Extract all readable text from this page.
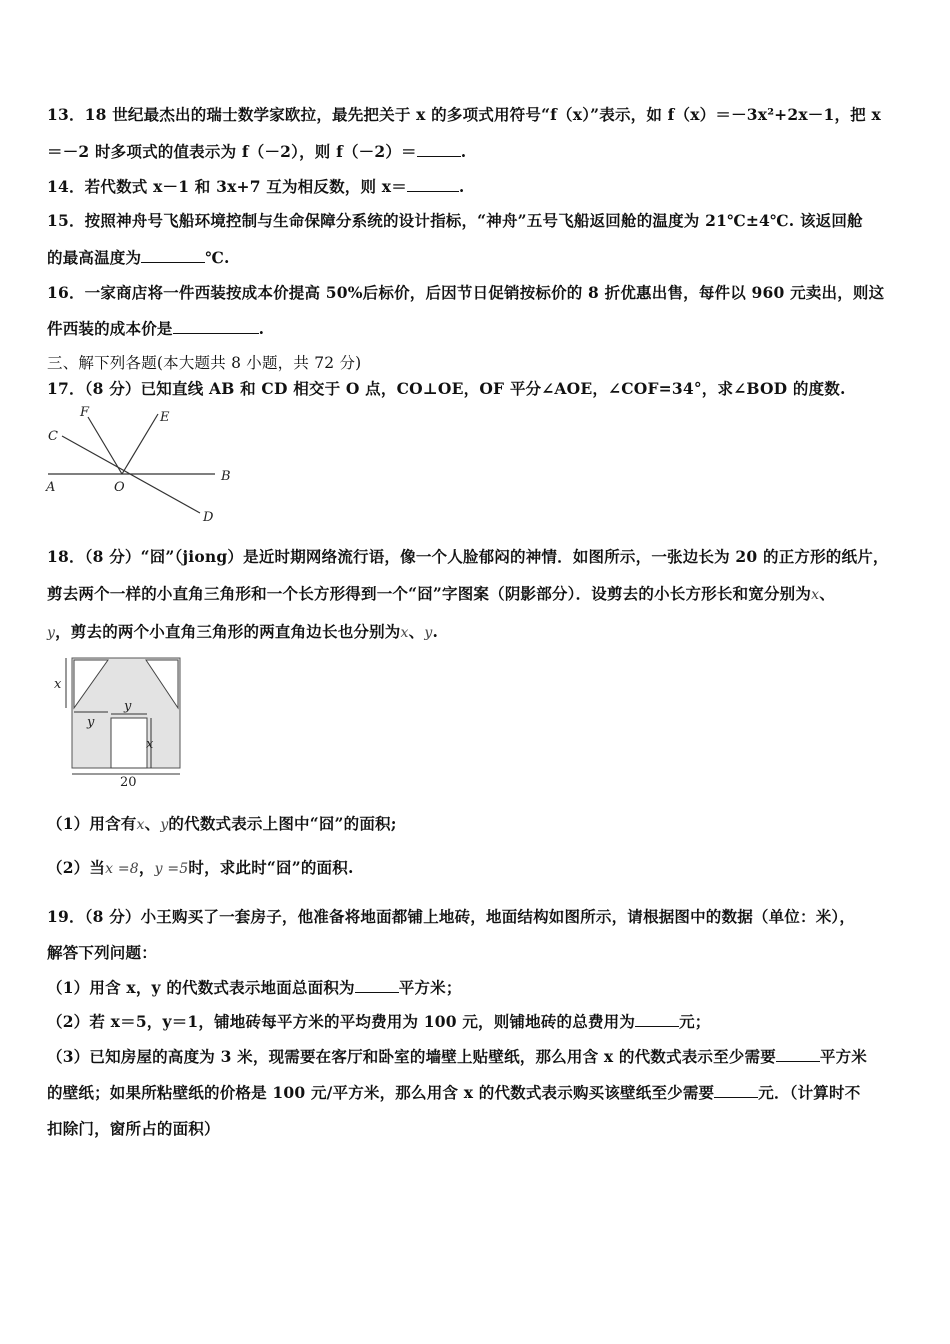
13．18 世纪最杰出的瑞士数学家欧拉，最先把关于 x 的多项式用符号“f（x）”表示，如 f（x）＝－3x²+2x－1，把 x
＝－2 时多项式的值表示为 f（－2），则 f（－2）＝	.
14．若代数式 x－1 和 3x+7 互为相反数，则 x＝	.
15．按照神舟号飞船环境控制与生命保障分系统的设计指标，“神舟”五号飞船返回舱的温度为 21℃±4℃. 该返回舱
的最高温度为	℃.
16．一家商店将一件西装按成本价提高 50%后标价，后因节日促销按标价的 8 折优惠出售，每件以 960 元卖出，则这
件西装的成本价是	.
三、解下列各题(本大题共 8 小题，共 72 分)
17．（8 分）已知直线 AB 和 CD 相交于 O 点，CO⊥OE，OF 平分∠AOE，∠COF=34°，求∠BOD 的度数.
F	E
C
B
A	O
D
18．（8 分）“囧”（jiong）是近时期网络流行语，像一个人脸郁闷的神情．如图所示，一张边长为 20 的正方形的纸片，
剪去两个一样的小直角三角形和一个长方形得到一个“囧”字图案（阴影部分）．设剪去的小长方形长和宽分别为x、
y，剪去的两个小直角三角形的两直角边长也分别为x、y.
x
y
y
x
20
（1）用含有x、y的代数式表示上图中“囧”的面积;
（2）当x =8，y =5时，求此时“囧”的面积.
19．（8 分）小王购买了一套房子，他准备将地面都铺上地砖，地面结构如图所示，请根据图中的数据（单位：米），
解答下列问题：
（1）用含 x，y 的代数式表示地面总面积为	平方米；
（2）若 x＝5，y＝1，铺地砖每平方米的平均费用为 100 元，则铺地砖的总费用为	元；
（3）已知房屋的高度为 3 米，现需要在客厅和卧室的墙壁上贴壁纸，那么用含 x 的代数式表示至少需要	平方米
的壁纸；如果所粘壁纸的价格是 100 元/平方米，那么用含 x 的代数式表示购买该壁纸至少需要	元．（计算时不
扣除门，窗所占的面积）
